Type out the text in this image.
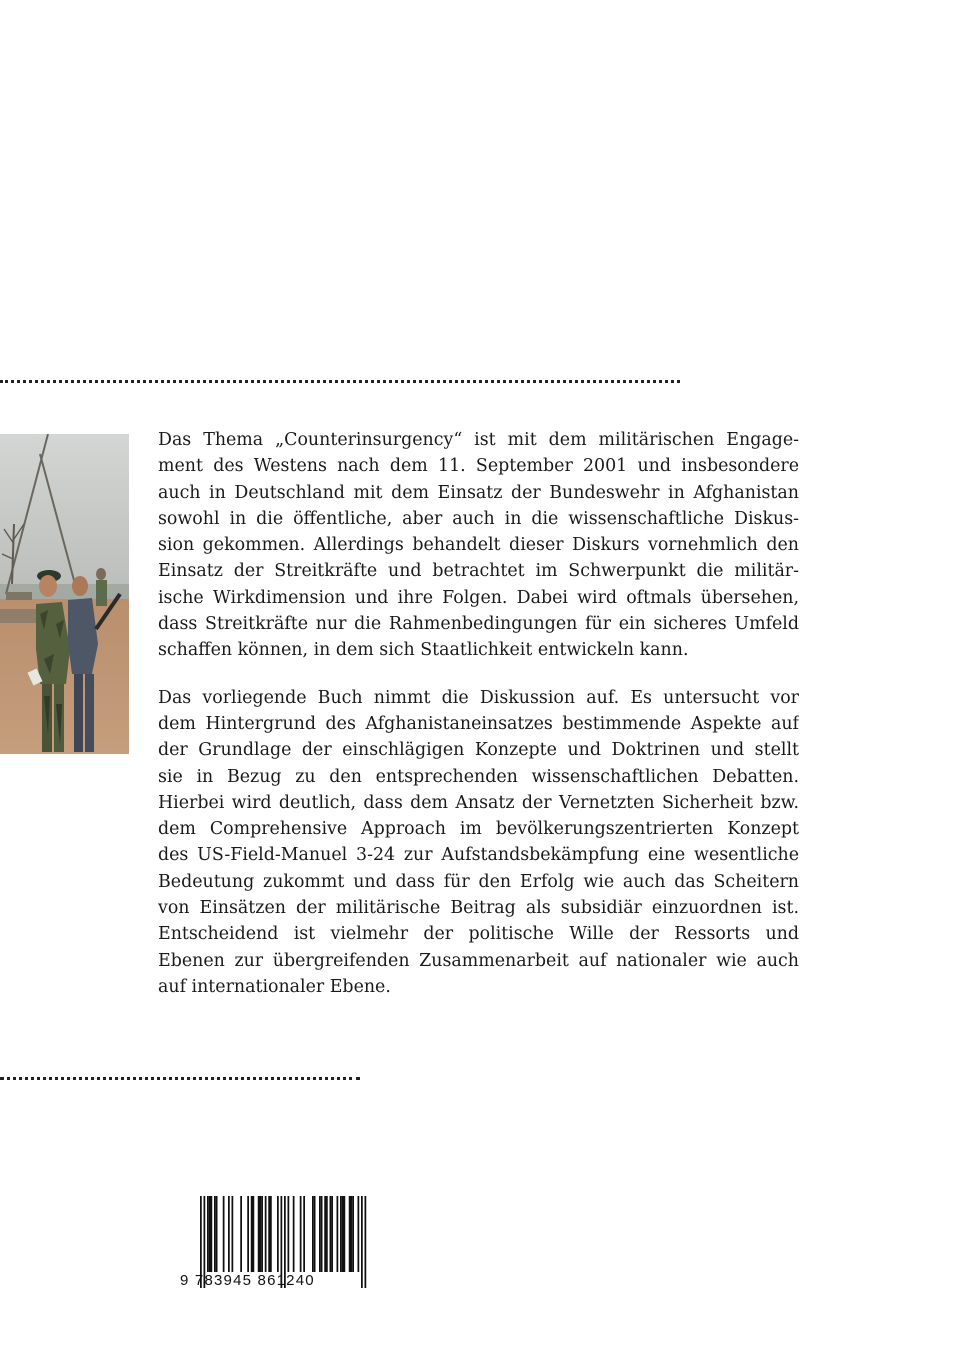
Das Thema „Counterinsurgency“ ist mit dem militärischen Engage-
ment des Westens nach dem 11. September 2001 und insbesondere
auch in Deutschland mit dem Einsatz der Bundeswehr in Afghanistan
sowohl in die öffentliche, aber auch in die wissenschaftliche Diskus-
sion gekommen. Allerdings behandelt dieser Diskurs vornehmlich den
Einsatz der Streitkräfte und betrachtet im Schwerpunkt die militär-
ische Wirkdimension und ihre Folgen. Dabei wird oftmals übersehen,
dass Streitkräfte nur die Rahmenbedingungen für ein sicheres Umfeld
schaffen können, in dem sich Staatlichkeit entwickeln kann.
Das vorliegende Buch nimmt die Diskussion auf. Es untersucht vor
dem Hintergrund des Afghanistaneinsatzes bestimmende Aspekte auf
der Grundlage der einschlägigen Konzepte und Doktrinen und stellt
sie in Bezug zu den entsprechenden wissenschaftlichen Debatten.
Hierbei wird deutlich, dass dem Ansatz der Vernetzten Sicherheit bzw.
dem Comprehensive Approach im bevölkerungszentrierten Konzept
des US-Field-Manuel 3-24 zur Aufstandsbekämpfung eine wesentliche
Bedeutung zukommt und dass für den Erfolg wie auch das Scheitern
von Einsätzen der militärische Beitrag als subsidiär einzuordnen ist.
Entscheidend ist vielmehr der politische Wille der Ressorts und
Ebenen zur übergreifenden Zusammenarbeit auf nationaler wie auch
auf internationaler Ebene.
9 783945 861240
